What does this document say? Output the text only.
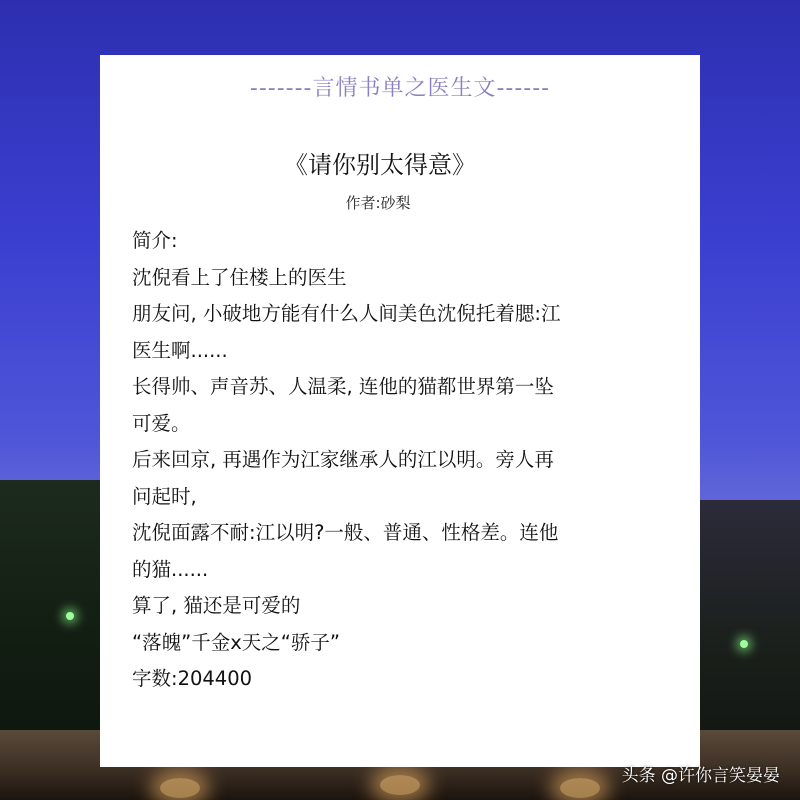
-------言情书单之医生文------
《请你别太得意》
作者:砂梨

简介:

沈倪看上了住楼上的医生

朋友问, 小破地方能有什么人间美色沈倪托着腮:江

医生啊......

长得帅、声音苏、人温柔, 连他的猫都世界第一坠

可爱。

后来回京, 再遇作为江家继承人的江以明。旁人再

问起时,

沈倪面露不耐:江以明?一般、普通、性格差。连他

的猫......

算了, 猫还是可爱的

“落魄”千金x天之“骄子”

字数:204400

头条 @许你言笑晏晏
